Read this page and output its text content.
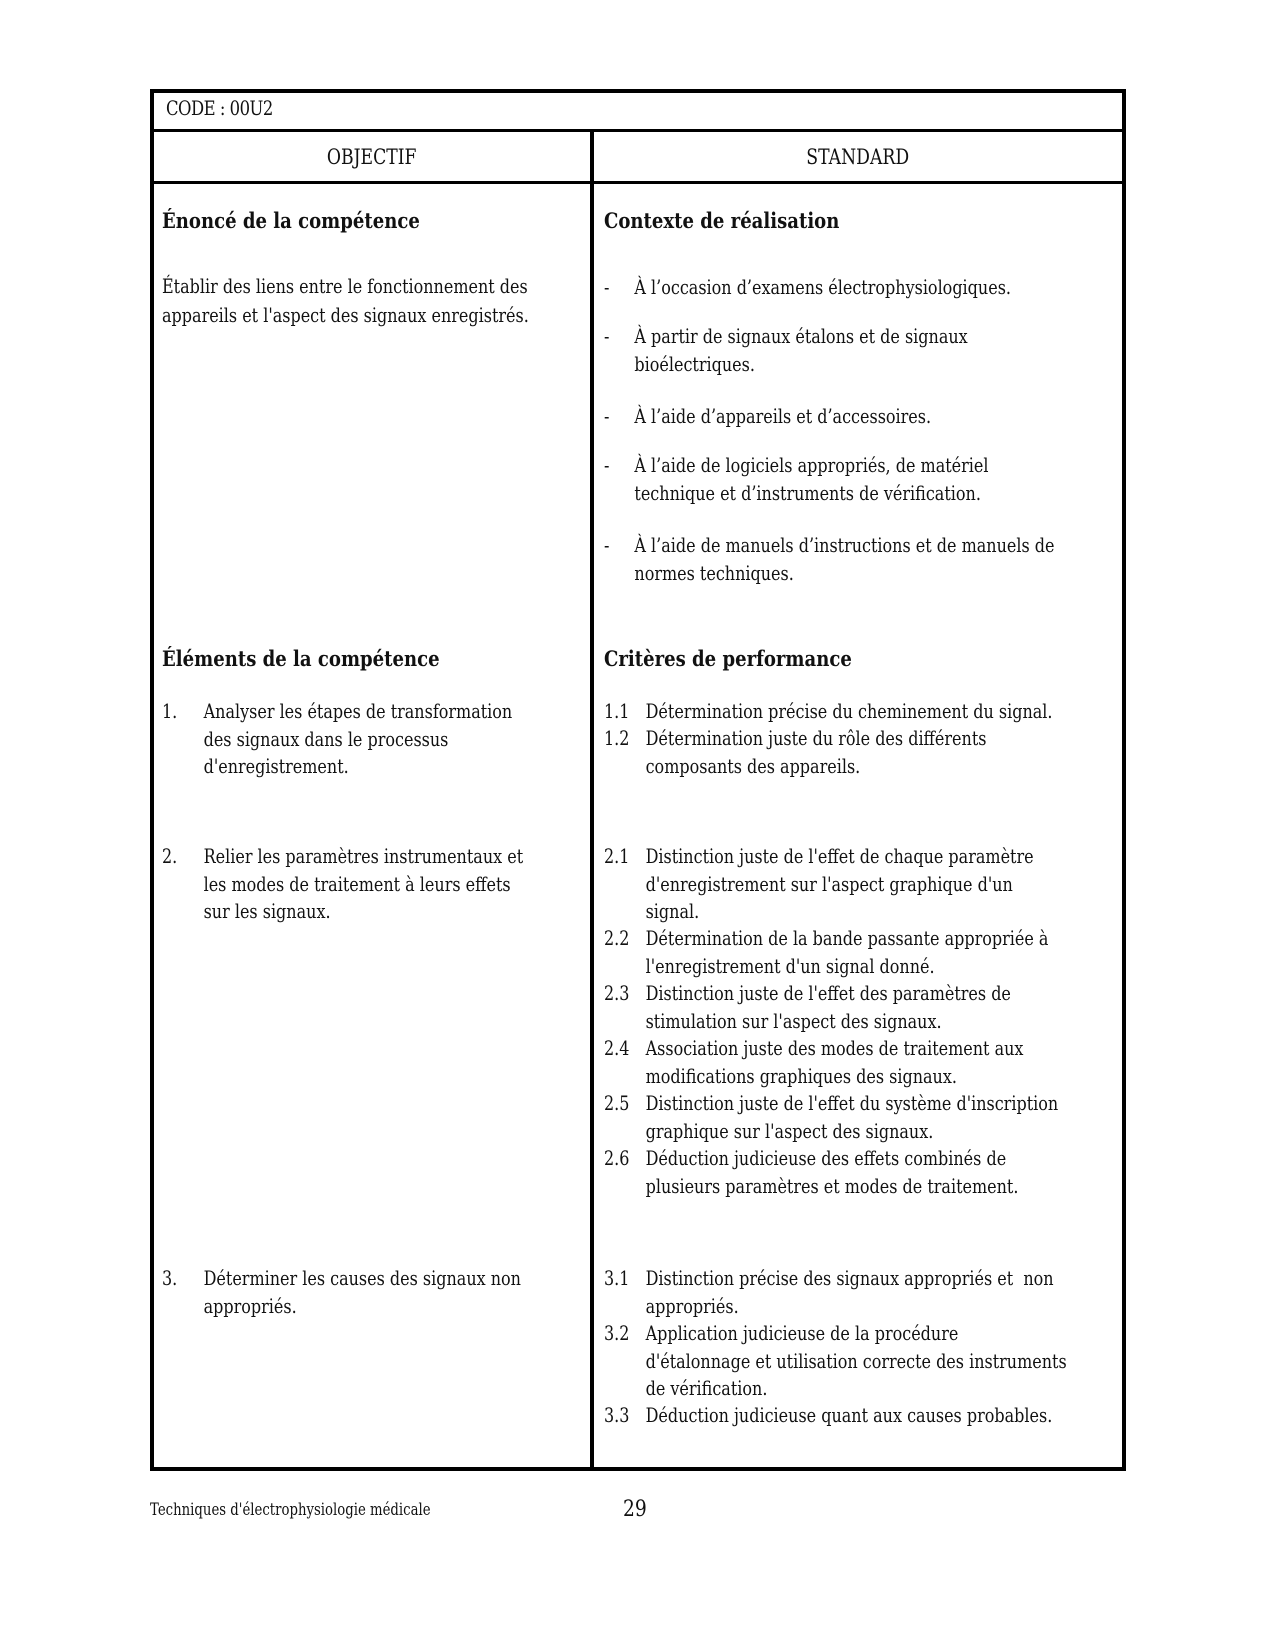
CODE : 00U2
OBJECTIF	STANDARD
Énoncé de la compétence
Établir des liens entre le fonctionnement des
appareils et l'aspect des signaux enregistrés.
Éléments de la compétence
1. Analyser les étapes de transformation
des signaux dans le processus
d'enregistrement.
2. Relier les paramètres instrumentaux et
les modes de traitement à leurs effets
sur les signaux.
3. Déterminer les causes des signaux non
appropriés.
Contexte de réalisation
- À l’occasion d’examens électrophysiologiques.
- À partir de signaux étalons et de signaux
bioélectriques.
- À l’aide d’appareils et d’accessoires.
- À l’aide de logiciels appropriés, de matériel
technique et d’instruments de vérification.
- À l’aide de manuels d’instructions et de manuels de
normes techniques.
Critères de performance
1.1 Détermination précise du cheminement du signal.
1.2 Détermination juste du rôle des différents
composants des appareils.
2.1 Distinction juste de l'effet de chaque paramètre
d'enregistrement sur l'aspect graphique d'un
signal.
2.2 Détermination de la bande passante appropriée à
l'enregistrement d'un signal donné.
2.3 Distinction juste de l'effet des paramètres de
stimulation sur l'aspect des signaux.
2.4 Association juste des modes de traitement aux
modifications graphiques des signaux.
2.5 Distinction juste de l'effet du système d'inscription
graphique sur l'aspect des signaux.
2.6 Déduction judicieuse des effets combinés de
plusieurs paramètres et modes de traitement.
3.1 Distinction précise des signaux appropriés et  non
appropriés.
3.2 Application judicieuse de la procédure
d'étalonnage et utilisation correcte des instruments
de vérification.
3.3 Déduction judicieuse quant aux causes probables.
Techniques d'électrophysiologie médicale	29
